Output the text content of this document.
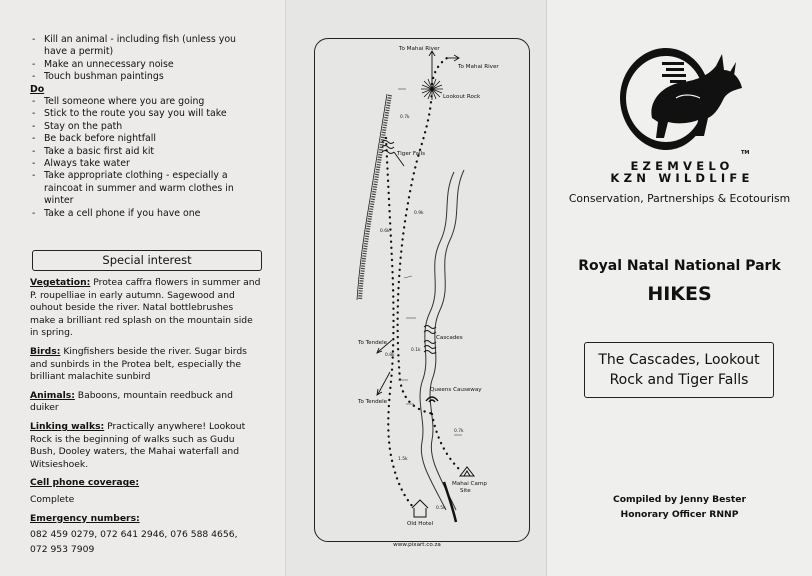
- Kill an animal - including fish (unless you have a permit)
- Make an unnecessary noise
- Touch bushman paintings
Do
- Tell someone where you are going
- Stick to the route you say you will take
- Stay on the path
- Be back before nightfall
- Take a basic first aid kit
- Always take water
- Take appropriate clothing - especially a raincoat in summer and warm clothes in winter
- Take a cell phone if you have one
Special interest
Vegetation: Protea caffra flowers in summer and P. roupelliae in early autumn. Sagewood and ouhout beside the river. Natal bottlebrushes make a brilliant red splash on the mountain side in spring.
Birds: Kingfishers beside the river. Sugar birds and sunbirds in the Protea belt, especially the brilliant malachite sunbird
Animals: Baboons, mountain reedbuck and duiker
Linking walks: Practically anywhere! Lookout Rock is the beginning of walks such as Gudu Bush, Dooley waters, the Mahai waterfall and Witsieshoek.
Cell phone coverage:
Complete
Emergency numbers:
082 459 0279, 072 641 2946, 076 588 4656,
072 953 7909
To Mahai River
To Mahai River
Lookout Rock
Tiger Falls
Cascades
To Tendele
To Tendele
Queens Causeway
Mahai Camp
Site
Old Hotel
0.7k
0.9k
0.6k
0.8k
0.1k
0.7k
1.5k
0.5k
www.pixart.co.za
EZEMVELO
KZN WILDLIFE
TM
Conservation, Partnerships & Ecotourism
Royal Natal National Park
HIKES
The Cascades, Lookout
Rock and Tiger Falls
Compiled by Jenny Bester
Honorary Officer RNNP
